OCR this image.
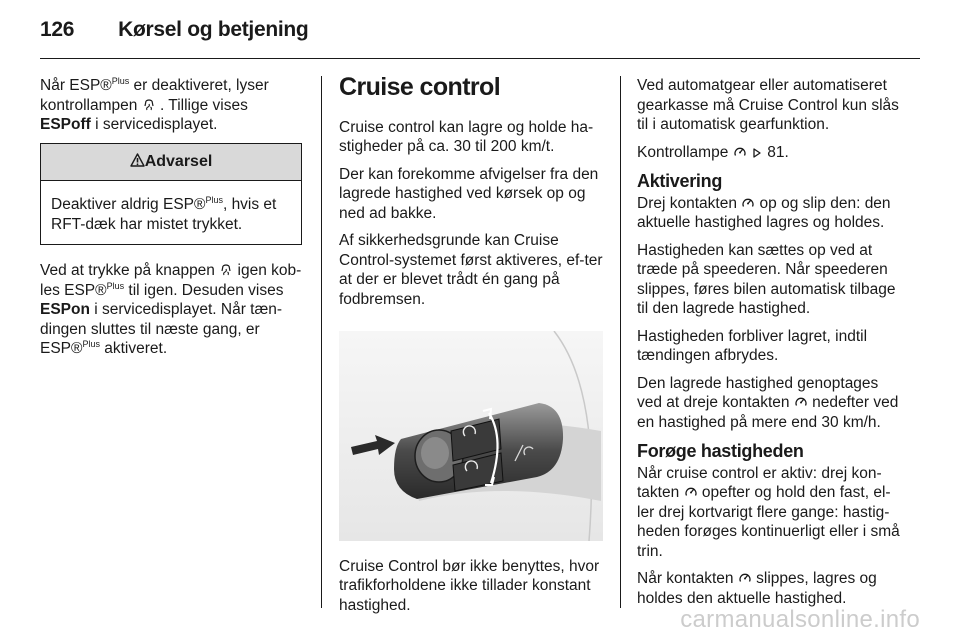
126 Kørsel og betjening

Når ESP®$^{Plus}$ er deaktiveret, lyser kontrollampen  . Tillige vises ESPoff i servicedisplayet.

Advarsel
Deaktiver aldrig ESP®$^{Plus}$, hvis et RFT-dæk har mistet trykket.

Ved at trykke på knappen  igen kob-les ESP®$^{Plus}$ til igen. Desuden vises ESPon i servicedisplayet. Når tæn-dingen sluttes til næste gang, er ESP®$^{Plus}$ aktiveret.

Cruise control

Cruise control kan lagre og holde ha-stigheder på ca. 30 til 200 km/t.

Der kan forekomme afvigelser fra den lagrede hastighed ved kørsek op og ned ad bakke.

Af sikkerhedsgrunde kan Cruise Control-systemet først aktiveres, ef-ter at der er blevet trådt én gang på fodbremsen.

Cruise Control bør ikke benyttes, hvor trafikforholdene ikke tillader konstant hastighed.

Ved automatgear eller automatiseret gearkasse må Cruise Control kun slås til i automatisk gearfunktion.

Kontrollampe   81.

Aktivering

Drej kontakten  op og slip den: den aktuelle hastighed lagres og holdes.

Hastigheden kan sættes op ved at træde på speederen. Når speederen slippes, føres bilen automatisk tilbage til den lagrede hastighed.

Hastigheden forbliver lagret, indtil tændingen afbrydes.

Den lagrede hastighed genoptages ved at dreje kontakten  nedefter ved en hastighed på mere end 30 km/h.

Forøge hastigheden

Når cruise control er aktiv: drej kon-takten  opefter og hold den fast, el-ler drej kortvarigt flere gange: hastig-heden forøges kontinuerligt eller i små trin.

Når kontakten  slippes, lagres og holdes den aktuelle hastighed.

carmanualsonline.info
